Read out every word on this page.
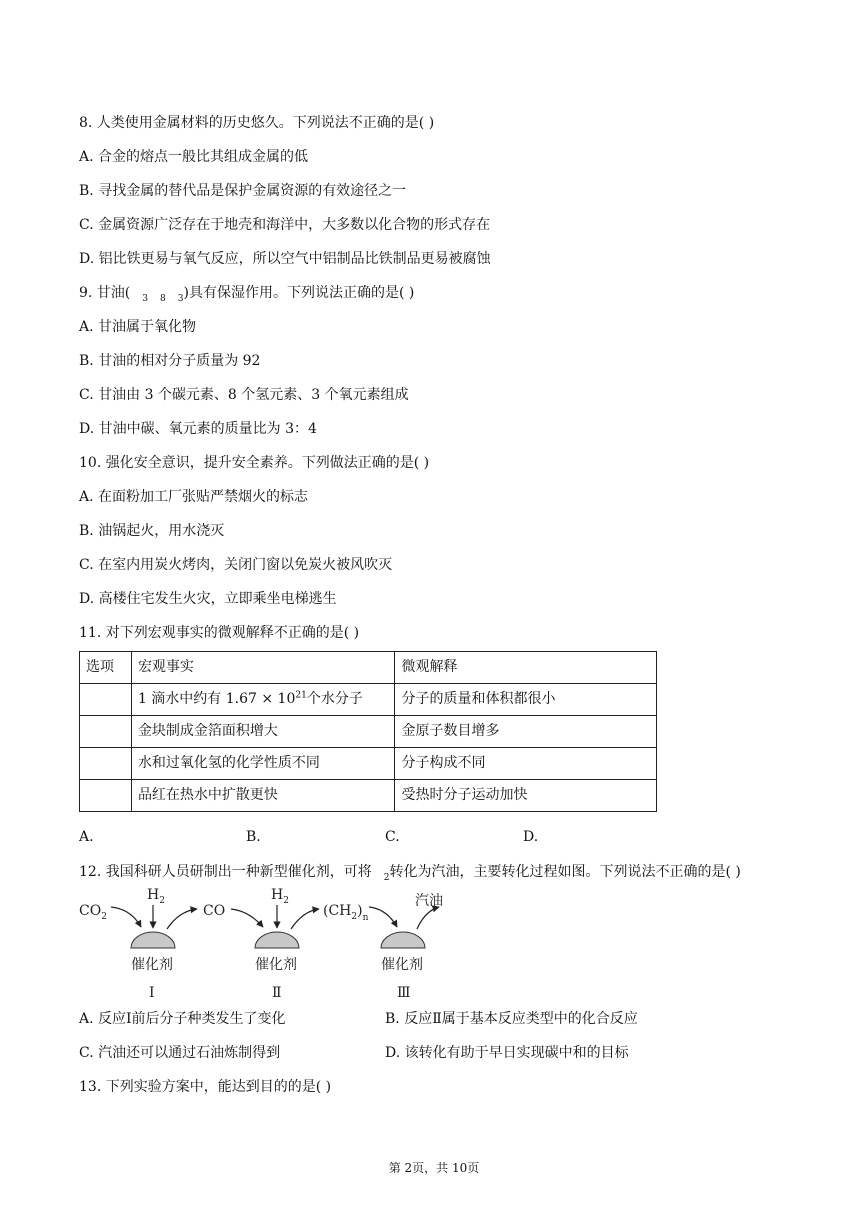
8. 人类使用金属材料的历史悠久。下列说法不正确的是( )
A. 合金的熔点一般比其组成金属的低
B. 寻找金属的替代品是保护金属资源的有效途径之一
C. 金属资源广泛存在于地壳和海洋中，大多数以化合物的形式存在
D. 铝比铁更易与氧气反应，所以空气中铝制品比铁制品更易被腐蚀
9. 甘油( $_3$ $_8$ $_3$)具有保湿作用。下列说法正确的是( )
A. 甘油属于氧化物
B. 甘油的相对分子质量为 92
C. 甘油由 3 个碳元素、8 个氢元素、3 个氧元素组成
D. 甘油中碳、氧元素的质量比为 3：4
10. 强化安全意识，提升安全素养。下列做法正确的是( )
A. 在面粉加工厂张贴严禁烟火的标志
B. 油锅起火，用水浇灭
C. 在室内用炭火烤肉，关闭门窗以免炭火被风吹灭
D. 高楼住宅发生火灾，立即乘坐电梯逃生
11. 对下列宏观事实的微观解释不正确的是( )
选项	宏观事实	微观解释
	1 滴水中约有 $1.67 \times 10^{21}$个水分子	分子的质量和体积都很小
	金块制成金箔面积增大	金原子数目增多
	水和过氧化氢的化学性质不同	分子构成不同
	品红在热水中扩散更快	受热时分子运动加快
A.	B.	C.	D.
12. 我国科研人员研制出一种新型催化剂，可将 $_2$转化为汽油，主要转化过程如图。下列说法不正确的是( )
$CO_2$
$H_2$
催化剂
Ⅰ
CO
$H_2$
催化剂
Ⅱ
$(CH_2)_n$
催化剂
Ⅲ
汽油
A. 反应Ⅰ前后分子种类发生了变化	B. 反应Ⅱ属于基本反应类型中的化合反应
C. 汽油还可以通过石油炼制得到	D. 该转化有助于早日实现碳中和的目标
13. 下列实验方案中，能达到目的的是( )
第 2页，共 10页
